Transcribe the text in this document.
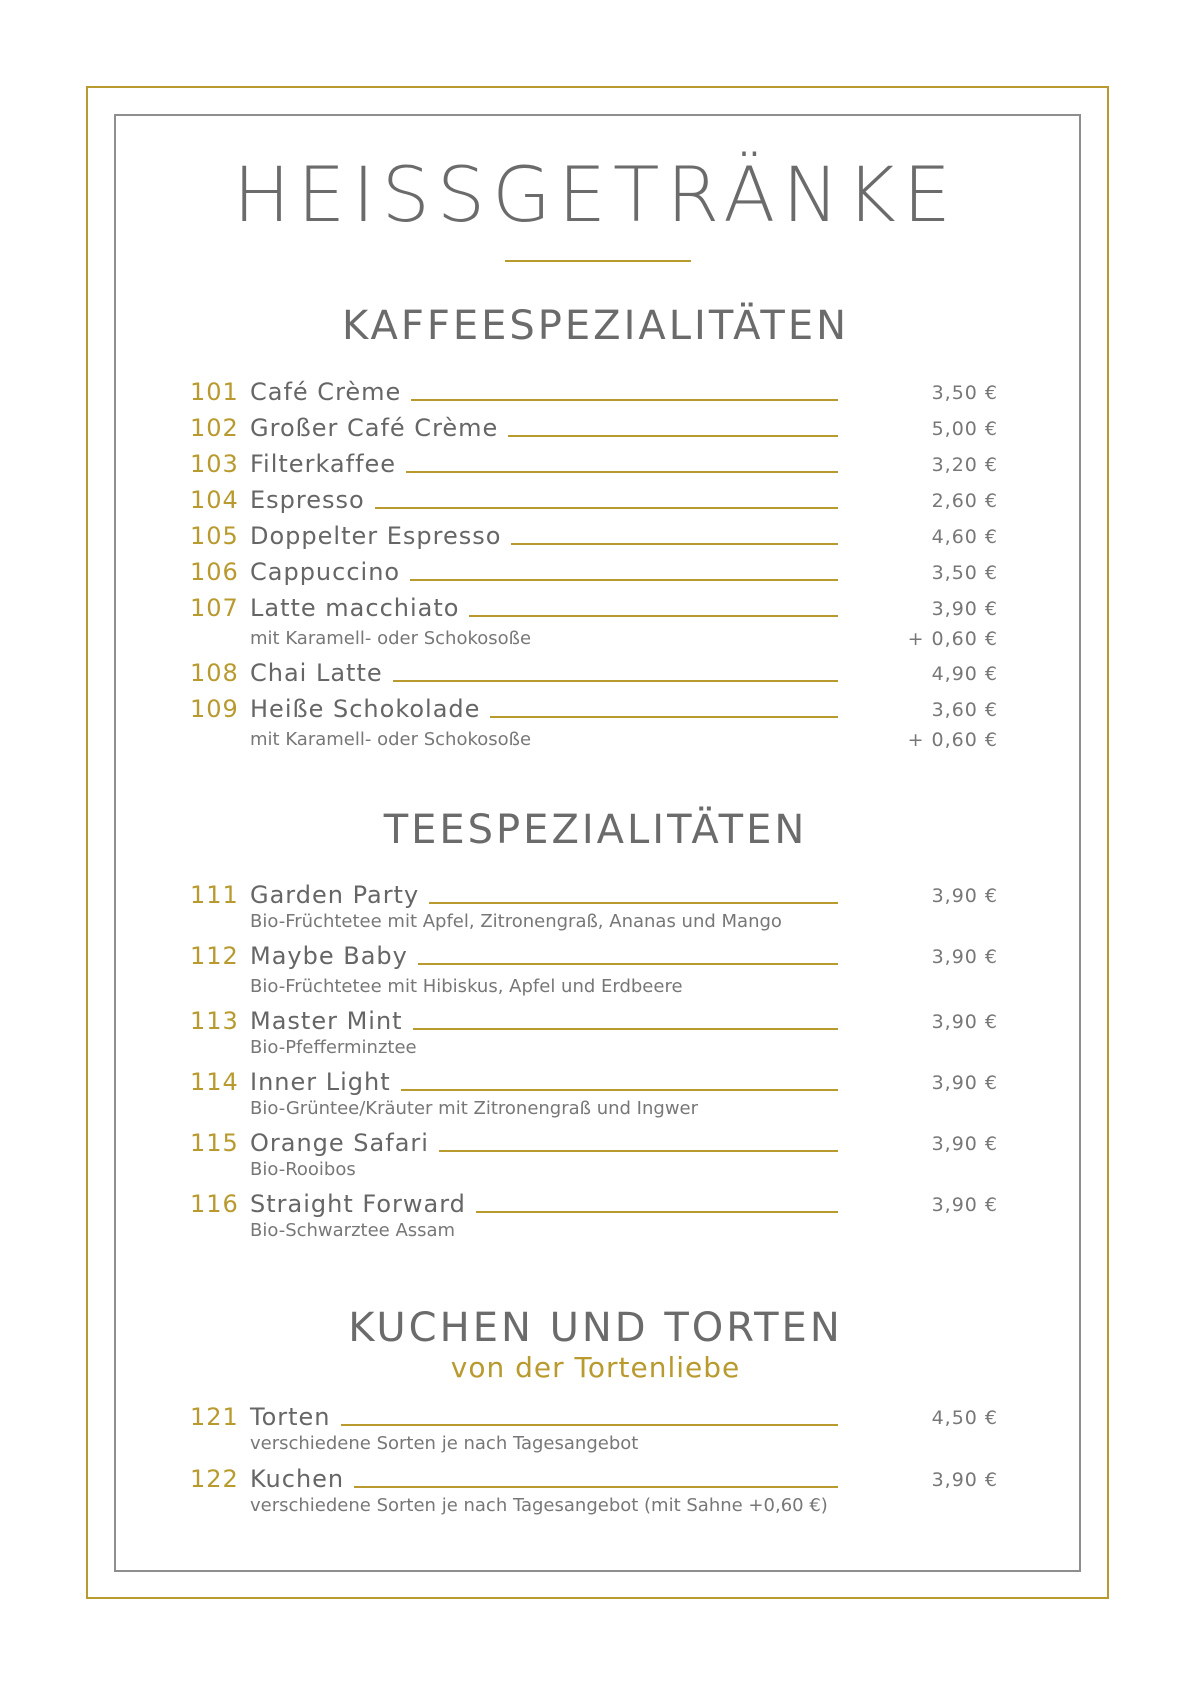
HEISSGETRÄNKE
KAFFEESPEZIALITÄTEN
101 Café Crème	3,50 €
102 Großer Café Crème	5,00 €
103 Filterkaffee	3,20 €
104 Espresso	2,60 €
105 Doppelter Espresso	4,60 €
106 Cappuccino	3,50 €
107 Latte macchiato	3,90 €
mit Karamell- oder Schokosoße	+ 0,60 €
108 Chai Latte	4,90 €
109 Heiße Schokolade	3,60 €
mit Karamell- oder Schokosoße	+ 0,60 €
TEESPEZIALITÄTEN
111 Garden Party	3,90 €
Bio-Früchtetee mit Apfel, Zitronengraß, Ananas und Mango
112 Maybe Baby	3,90 €
Bio-Früchtetee mit Hibiskus, Apfel und Erdbeere
113 Master Mint	3,90 €
Bio-Pfefferminztee
114 Inner Light	3,90 €
Bio-Grüntee/Kräuter mit Zitronengraß und Ingwer
115 Orange Safari	3,90 €
Bio-Rooibos
116 Straight Forward	3,90 €
Bio-Schwarztee Assam
KUCHEN UND TORTEN
von der Tortenliebe
121 Torten	4,50 €
verschiedene Sorten je nach Tagesangebot
122 Kuchen	3,90 €
verschiedene Sorten je nach Tagesangebot (mit Sahne +0,60 €)
